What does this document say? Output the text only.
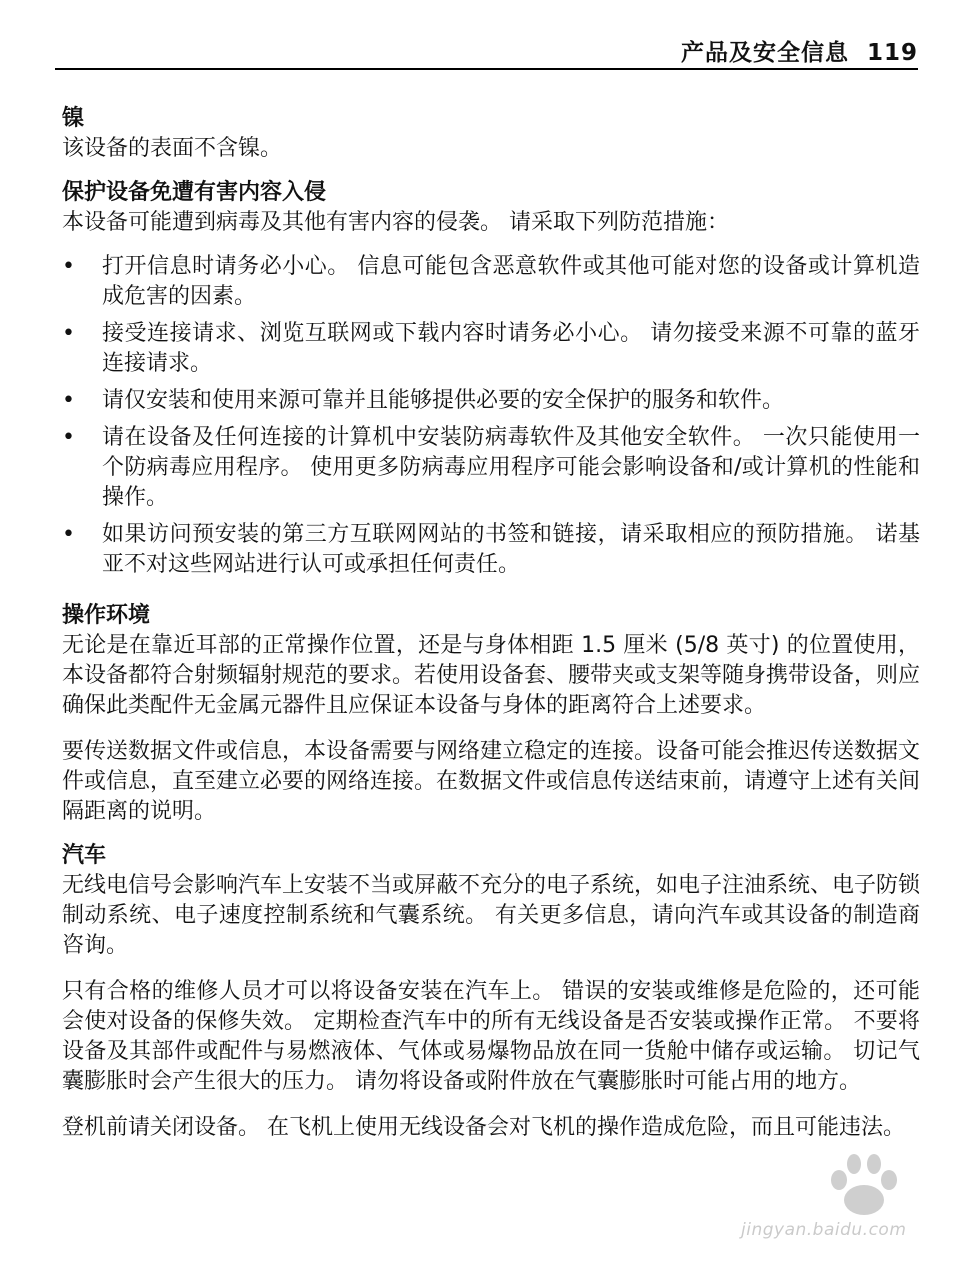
产品及安全信息 119

镍

该设备的表面不含镍。

保护设备免遭有害内容入侵

本设备可能遭到病毒及其他有害内容的侵袭。 请采取下列防范措施：

• 打开信息时请务必小心。 信息可能包含恶意软件或其他可能对您的设备或计算机造成危害的因素。
• 接受连接请求、浏览互联网或下载内容时请务必小心。 请勿接受来源不可靠的蓝牙连接请求。
• 请仅安装和使用来源可靠并且能够提供必要的安全保护的服务和软件。
• 请在设备及任何连接的计算机中安装防病毒软件及其他安全软件。 一次只能使用一个防病毒应用程序。 使用更多防病毒应用程序可能会影响设备和/或计算机的性能和操作。
• 如果访问预安装的第三方互联网网站的书签和链接，请采取相应的预防措施。 诺基亚不对这些网站进行认可或承担任何责任。

操作环境

无论是在靠近耳部的正常操作位置，还是与身体相距 1.5 厘米 (5/8 英寸) 的位置使用，本设备都符合射频辐射规范的要求。若使用设备套、腰带夹或支架等随身携带设备，则应确保此类配件无金属元器件且应保证本设备与身体的距离符合上述要求。

要传送数据文件或信息，本设备需要与网络建立稳定的连接。设备可能会推迟传送数据文件或信息，直至建立必要的网络连接。在数据文件或信息传送结束前，请遵守上述有关间隔距离的说明。

汽车

无线电信号会影响汽车上安装不当或屏蔽不充分的电子系统，如电子注油系统、电子防锁制动系统、电子速度控制系统和气囊系统。 有关更多信息，请向汽车或其设备的制造商咨询。

只有合格的维修人员才可以将设备安装在汽车上。 错误的安装或维修是危险的，还可能会使对设备的保修失效。 定期检查汽车中的所有无线设备是否安装或操作正常。 不要将设备及其部件或配件与易燃液体、气体或易爆物品放在同一货舱中储存或运输。 切记气囊膨胀时会产生很大的压力。 请勿将设备或附件放在气囊膨胀时可能占用的地方。

登机前请关闭设备。 在飞机上使用无线设备会对飞机的操作造成危险，而且可能违法。

jingyan.baidu.com
